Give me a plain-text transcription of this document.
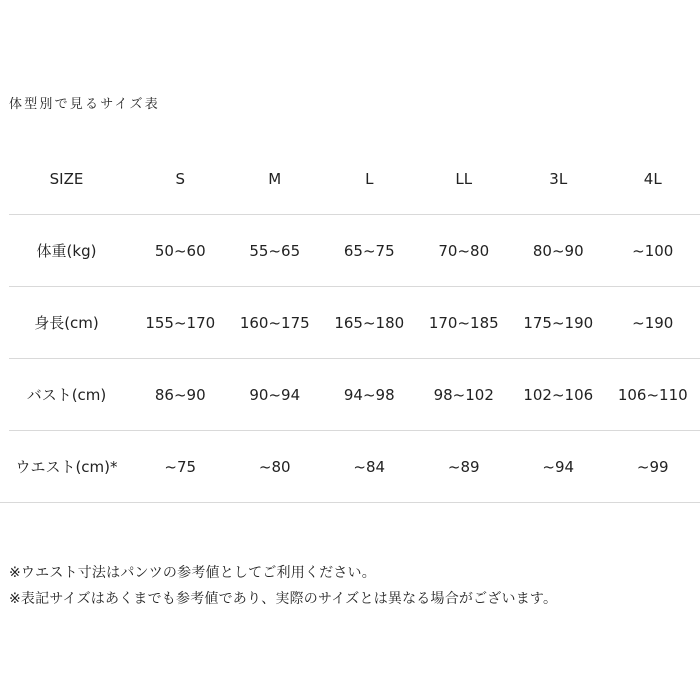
体型別で見るサイズ表
SIZE	S	M	L	LL	3L	4L
体重(kg)	50~60	55~65	65~75	70~80	80~90	~100
身長(cm)	155~170	160~175	165~180	170~185	175~190	~190
バスト(cm)	86~90	90~94	94~98	98~102	102~106	106~110
ウエスト(cm)*	~75	~80	~84	~89	~94	~99
※ウエスト寸法はパンツの参考値としてご利用ください。
※表記サイズはあくまでも参考値であり、実際のサイズとは異なる場合がございます。
